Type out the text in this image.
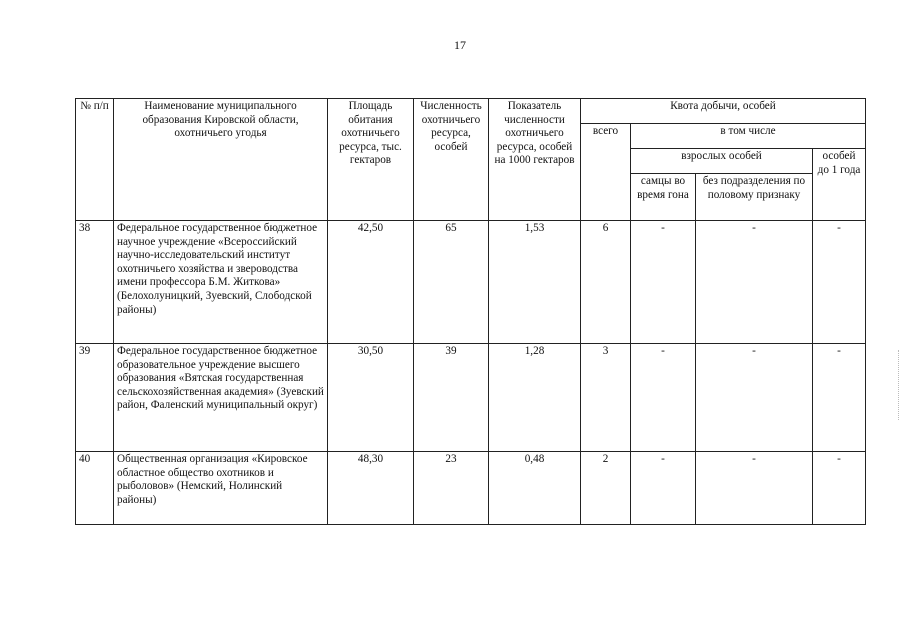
17
№ п/п	Наименование муниципального образования Кировской области, охотничьего угодья	Площадь обитания охотничьего ресурса, тыс. гектаров	Численность охотничьего ресурса, особей	Показатель численности охотничьего ресурса, особей на 1000 гектаров	Квота добычи, особей			
					всего	в том числе		
						взрослых особей		особей до 1 года
						самцы во время гона	без подразделения по половому признаку	
38	Федеральное государственное бюджетное научное учреждение «Всероссийский научно-исследовательский институт охотничьего хозяйства и звероводства имени профессора Б.М. Житкова» (Белохолуницкий, Зуевский, Слободской районы)	42,50	65	1,53	6	-	-	-
39	Федеральное государственное бюджетное образовательное учреждение высшего образования «Вятская государственная сельскохозяйственная академия» (Зуевский район, Фаленский муниципальный округ)	30,50	39	1,28	3	-	-	-
40	Общественная организация «Кировское областное общество охотников и рыболовов» (Немский, Нолинский районы)	48,30	23	0,48	2	-	-	-
